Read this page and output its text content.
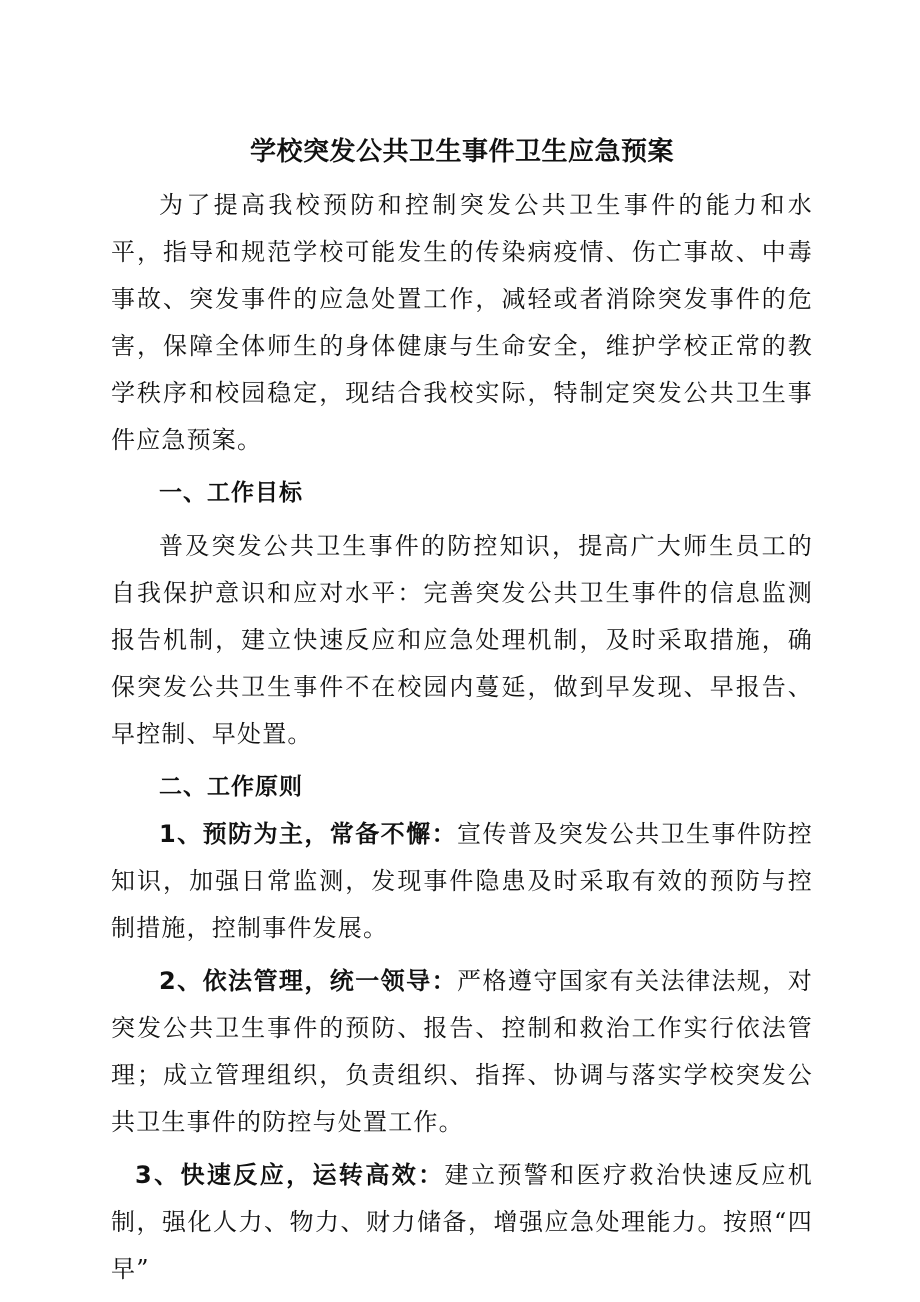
学校突发公共卫生事件卫生应急预案

为了提高我校预防和控制突发公共卫生事件的能力和水平，指导和规范学校可能发生的传染病疫情、伤亡事故、中毒事故、突发事件的应急处置工作，减轻或者消除突发事件的危害，保障全体师生的身体健康与生命安全，维护学校正常的教学秩序和校园稳定，现结合我校实际，特制定突发公共卫生事件应急预案。

一、工作目标

普及突发公共卫生事件的防控知识，提高广大师生员工的自我保护意识和应对水平：完善突发公共卫生事件的信息监测报告机制，建立快速反应和应急处理机制，及时采取措施，确保突发公共卫生事件不在校园内蔓延，做到早发现、早报告、早控制、早处置。

二、工作原则

1、预防为主，常备不懈：宣传普及突发公共卫生事件防控知识，加强日常监测，发现事件隐患及时采取有效的预防与控制措施，控制事件发展。

2、依法管理，统一领导：严格遵守国家有关法律法规，对突发公共卫生事件的预防、报告、控制和救治工作实行依法管理；成立管理组织，负责组织、指挥、协调与落实学校突发公共卫生事件的防控与处置工作。

3、快速反应，运转高效：建立预警和医疗救治快速反应机制，强化人力、物力、财力储备，增强应急处理能力。按照“四早”
